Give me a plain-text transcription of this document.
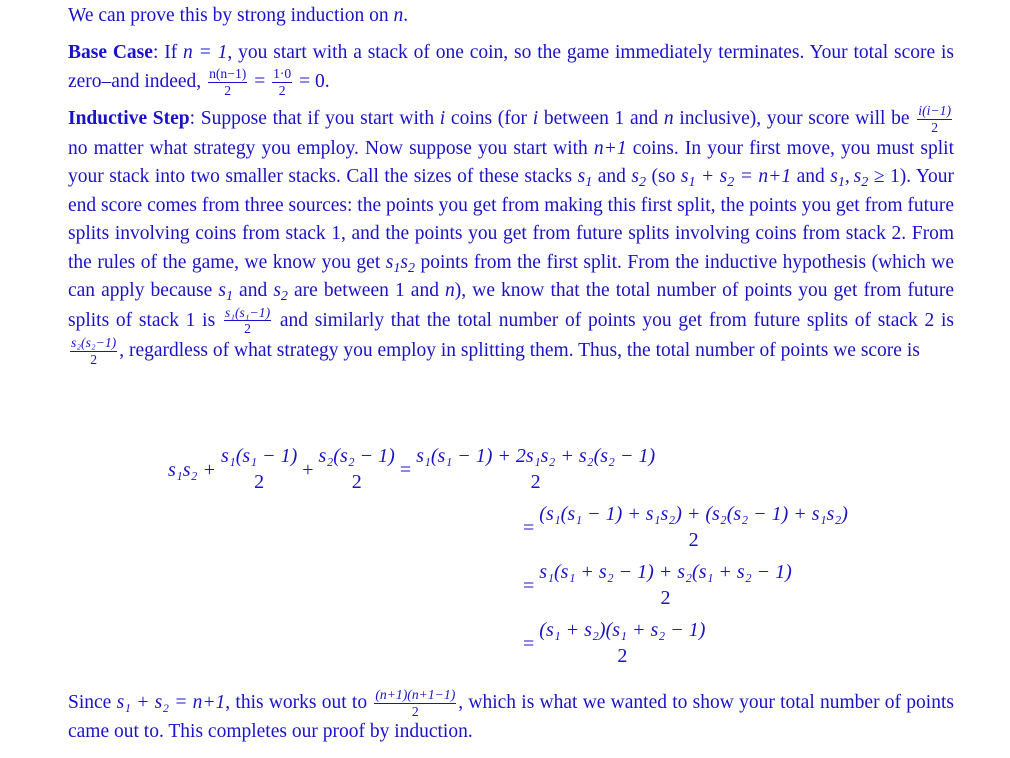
We can prove this by strong induction on n.

Base Case: If n = 1, you start with a stack of one coin, so the game immediately terminates. Your total score is zero–and indeed, $\frac{n(n-1)}{2} = \frac{1\cdot 0}{2} = 0$.

Inductive Step: Suppose that if you start with i coins (for i between 1 and n inclusive), your score will be $\frac{i(i-1)}{2}$
no matter what strategy you employ. Now suppose you start with n+1 coins. In your first move, you must split your stack into two smaller stacks. Call the sizes of these stacks $s_1$ and $s_2$ (so $s_1 + s_2 = n+1$ and $s_1$, $s_2 \ge 1$). Your end score comes from three sources: the points you get from making this first split, the points you get from future splits involving coins from stack 1, and the points you get from future splits involving coins from stack 2. From the rules of the game, we know you get $s_1s_2$ points from the first split. From the inductive hypothesis (which we can apply because $s_1$ and $s_2$ are between 1 and n), we know that the total number of points you get from future splits of stack 1 is $\frac{\text{s₁(s₁−1)}}{2}$ and similarly that the total number of points you get from future splits of stack 2 is
$\frac{\text{s₂(s₂−1)}}{2}$ , regardless of what strategy you employ in splitting them. Thus, the total number of points we score is

s₁s₂ +
s₁(s₁ − 1)
2
+
s₂(s₂ − 1)
2
=
s₁(s₁ − 1) + 2s₁s₂ + s₂(s₂ − 1)
2
=
(s₁(s₁ − 1) + s₁s₂) + (s₂(s₂ − 1) + s₁s₂)
2
=
s₁(s₁ + s₂ − 1) + s₂(s₁ + s₂ − 1)
2
=
(s₁ + s₂)(s₁ + s₂ − 1)
2

Since s₁ + s₂ = n+1, this works out to $\frac{(n+1)(n+1-1)}{2}$ , which is what we wanted to show your total number of points came out to. This completes our proof by induction.
